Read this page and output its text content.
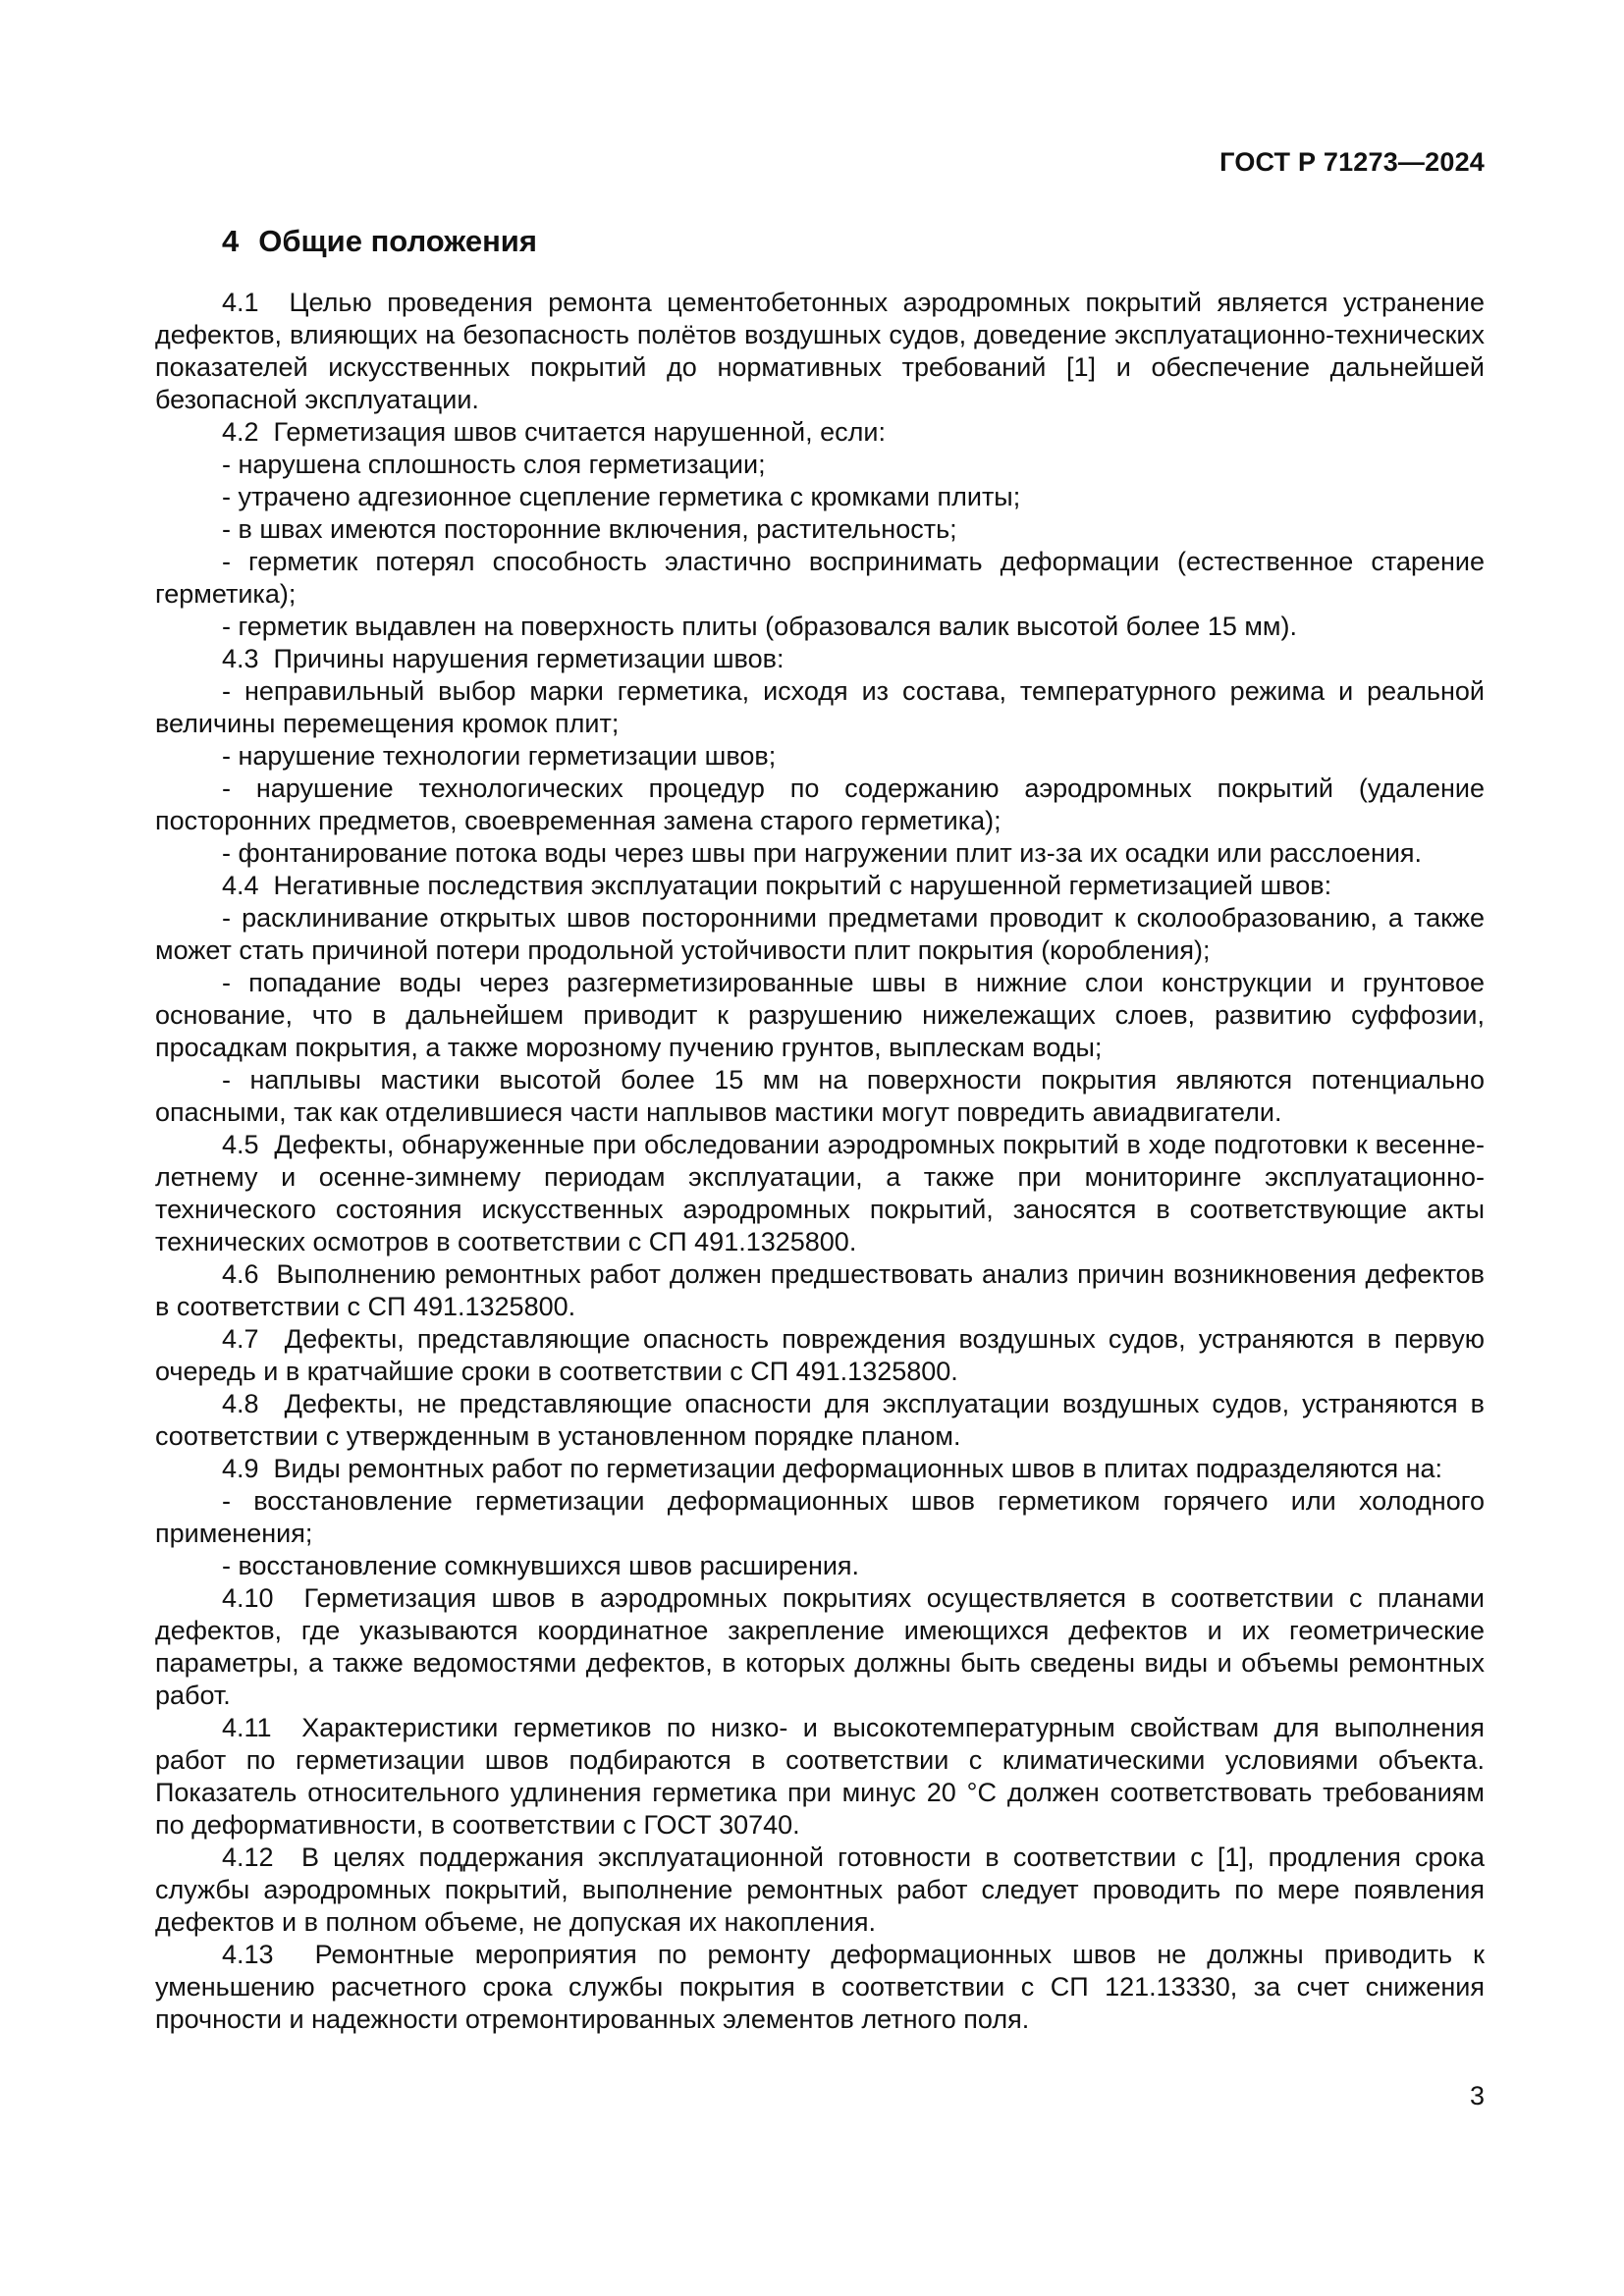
ГОСТ Р 71273—2024
4 Общие положения

4.1  Целью проведения ремонта цементобетонных аэродромных покрытий является устранение дефектов, влияющих на безопасность полётов воздушных судов, доведение эксплуатационно-технических показателей искусственных покрытий до нормативных требований [1] и обеспечение дальнейшей безопасной эксплуатации.

4.2  Герметизация швов считается нарушенной, если:

- нарушена сплошность слоя герметизации;

- утрачено адгезионное сцепление герметика с кромками плиты;

- в швах имеются посторонние включения, растительность;

- герметик потерял способность эластично воспринимать деформации (естественное старение герметика);

- герметик выдавлен на поверхность плиты (образовался валик высотой более 15 мм).

4.3  Причины нарушения герметизации швов:

- неправильный выбор марки герметика, исходя из состава, температурного режима и реальной величины перемещения кромок плит;

- нарушение технологии герметизации швов;

- нарушение технологических процедур по содержанию аэродромных покрытий (удаление посторонних предметов, своевременная замена старого герметика);

- фонтанирование потока воды через швы при нагружении плит из-за их осадки или расслоения.

4.4  Негативные последствия эксплуатации покрытий с нарушенной герметизацией швов:

- расклинивание открытых швов посторонними предметами проводит к сколообразованию, а также может стать причиной потери продольной устойчивости плит покрытия (коробления);

- попадание воды через разгерметизированные швы в нижние слои конструкции и грунтовое основание, что в дальнейшем приводит к разрушению нижележащих слоев, развитию суффозии, просадкам покрытия, а также морозному пучению грунтов, выплескам воды;

- наплывы мастики высотой более 15 мм на поверхности покрытия являются потенциально опасными, так как отделившиеся части наплывов мастики могут повредить авиадвигатели.

4.5  Дефекты, обнаруженные при обследовании аэродромных покрытий в ходе подготовки к весенне-летнему и осенне-зимнему периодам эксплуатации, а также при мониторинге эксплуатационно-технического состояния искусственных аэродромных покрытий, заносятся в соответствующие акты технических осмотров в соответствии с СП 491.1325800.

4.6  Выполнению ремонтных работ должен предшествовать анализ причин возникновения дефектов в соответствии с СП 491.1325800.

4.7  Дефекты, представляющие опасность повреждения воздушных судов, устраняются в первую очередь и в кратчайшие сроки в соответствии с СП 491.1325800.

4.8  Дефекты, не представляющие опасности для эксплуатации воздушных судов, устраняются в соответствии с утвержденным в установленном порядке планом.

4.9  Виды ремонтных работ по герметизации деформационных швов в плитах подразделяются на:

- восстановление герметизации деформационных швов герметиком горячего или холодного применения;

- восстановление сомкнувшихся швов расширения.

4.10  Герметизация швов в аэродромных покрытиях осуществляется в соответствии с планами дефектов, где указываются координатное закрепление имеющихся дефектов и их геометрические параметры, а также ведомостями дефектов, в которых должны быть сведены виды и объемы ремонтных работ.

4.11  Характеристики герметиков по низко- и высокотемпературным свойствам для выполнения работ по герметизации швов подбираются в соответствии с климатическими условиями объекта. Показатель относительного удлинения герметика при минус 20 °С должен соответствовать требованиям по деформативности, в соответствии с ГОСТ 30740.

4.12  В целях поддержания эксплуатационной готовности в соответствии с [1], продления срока службы аэродромных покрытий, выполнение ремонтных работ следует проводить по мере появления дефектов и в полном объеме, не допуская их накопления.

4.13  Ремонтные мероприятия по ремонту деформационных швов не должны приводить к уменьшению расчетного срока службы покрытия в соответствии с СП 121.13330, за счет снижения прочности и надежности отремонтированных элементов летного поля.

3
